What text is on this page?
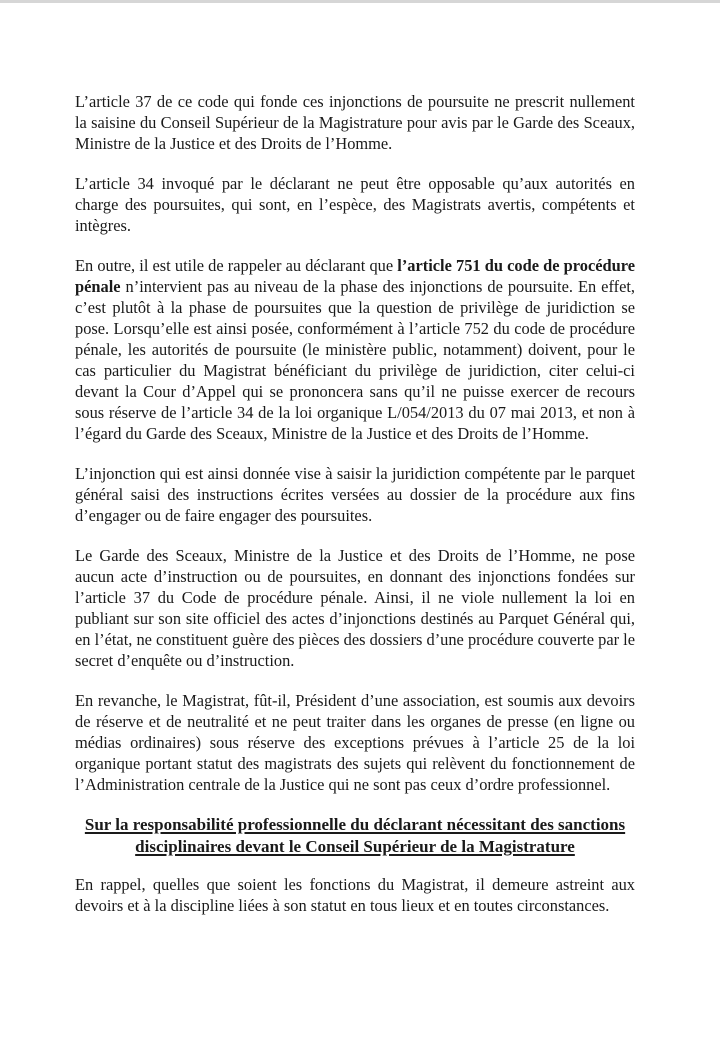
L’article 37 de ce code qui fonde ces injonctions de poursuite ne prescrit nullement la saisine du Conseil Supérieur de la Magistrature pour avis par le Garde des Sceaux, Ministre de la Justice et des Droits de l’Homme.

L’article 34 invoqué par le déclarant ne peut être opposable qu’aux autorités en charge des poursuites, qui sont, en l’espèce, des Magistrats avertis, compétents et intègres.

En outre, il est utile de rappeler au déclarant que l’article 751 du code de procédure pénale n’intervient pas au niveau de la phase des injonctions de poursuite. En effet, c’est plutôt à la phase de poursuites que la question de privilège de juridiction se pose. Lorsqu’elle est ainsi posée, conformément à l’article 752 du code de procédure pénale, les autorités de poursuite (le ministère public, notamment) doivent, pour le cas particulier du Magistrat bénéficiant du privilège de juridiction, citer celui-ci devant la Cour d’Appel qui se prononcera sans qu’il ne puisse exercer de recours sous réserve de l’article 34 de la loi organique L/054/2013 du 07 mai 2013, et non à l’égard du Garde des Sceaux, Ministre de la Justice et des Droits de l’Homme.

L’injonction qui est ainsi donnée vise à saisir la juridiction compétente par le parquet général saisi des instructions écrites versées au dossier de la procédure aux fins d’engager ou de faire engager des poursuites.

Le Garde des Sceaux, Ministre de la Justice et des Droits de l’Homme, ne pose aucun acte d’instruction ou de poursuites, en donnant des injonctions fondées sur l’article 37 du Code de procédure pénale. Ainsi, il ne viole nullement la loi en publiant sur son site officiel des actes d’injonctions destinés au Parquet Général qui, en l’état, ne constituent guère des pièces des dossiers d’une procédure couverte par le secret d’enquête ou d’instruction.

En revanche, le Magistrat, fût-il, Président d’une association, est soumis aux devoirs de réserve et de neutralité et ne peut traiter dans les organes de presse (en ligne ou médias ordinaires) sous réserve des exceptions prévues à l’article 25 de la loi organique portant statut des magistrats des sujets qui relèvent du fonctionnement de l’Administration centrale de la Justice qui ne sont pas ceux d’ordre professionnel.

Sur la responsabilité professionnelle du déclarant nécessitant des sanctions disciplinaires devant le Conseil Supérieur de la Magistrature

En rappel, quelles que soient les fonctions du Magistrat, il demeure astreint aux devoirs et à la discipline liées à son statut en tous lieux et en toutes circonstances.
